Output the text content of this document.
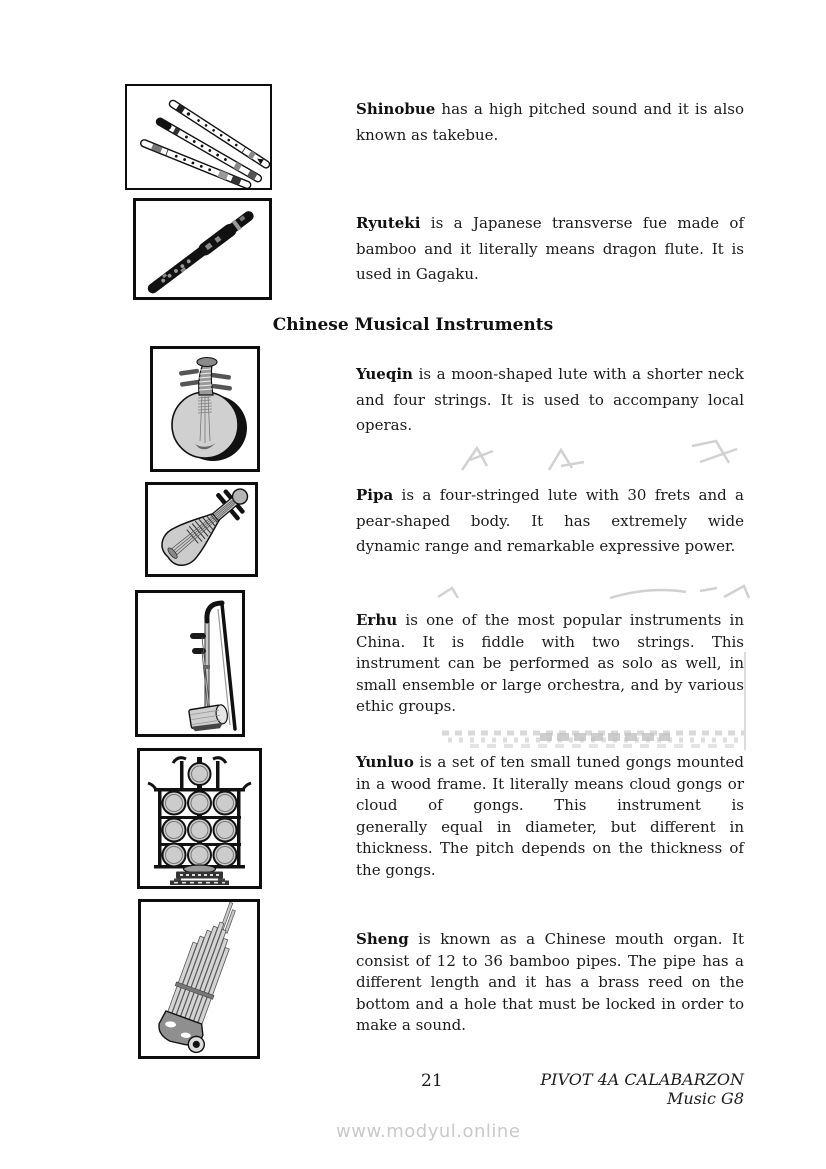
Shinobue has a high pitched sound and it is also
known as takebue.
Ryuteki is a Japanese transverse fue made of
bamboo and it literally means dragon flute. It is
used in Gagaku.
Chinese Musical Instruments
Yueqin is a moon-shaped lute with a shorter neck
and four strings. It is used to accompany local
operas.
Pipa is a four-stringed lute with 30 frets and a
pear-shaped body. It has extremely wide
dynamic range and remarkable expressive power.
Erhu is one of the most popular instruments in
China. It is fiddle with two strings. This
instrument can be performed as solo as well, in
small ensemble or large orchestra, and by various
ethic groups.
Yunluo is a set of ten small tuned gongs mounted
in a wood frame. It literally means cloud gongs or
cloud of gongs. This instrument is
generally equal in diameter, but different in
thickness. The pitch depends on the thickness of
the gongs.
Sheng is known as a Chinese mouth organ. It
consist of 12 to 36 bamboo pipes. The pipe has a
different length and it has a brass reed on the
bottom and a hole that must be locked in order to
make a sound.
21	PIVOT 4A CALABARZON Music G8
www.modyul.online
